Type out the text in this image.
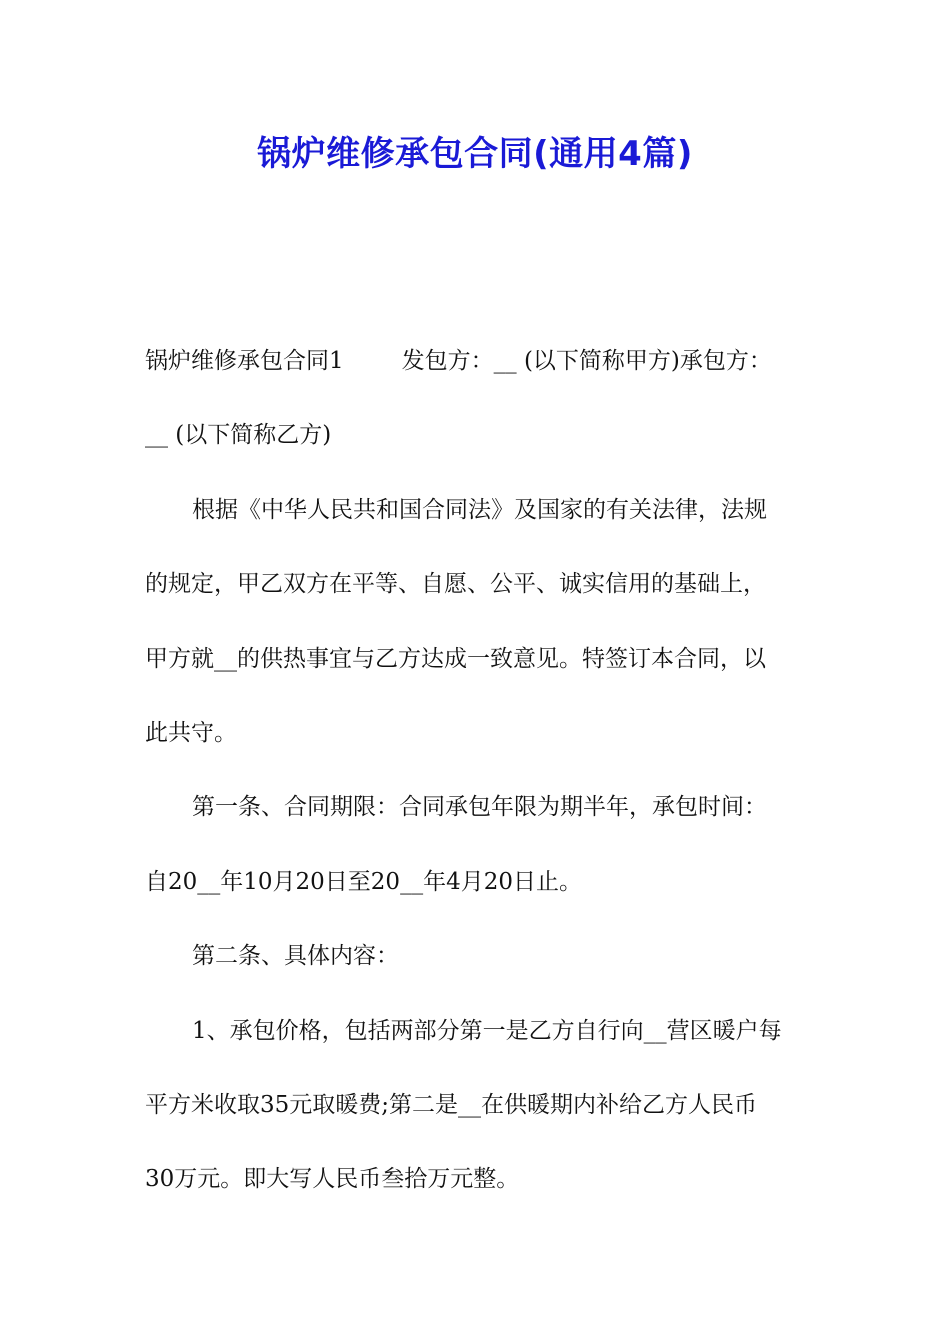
锅炉维修承包合同(通用4篇)
锅炉维修承包合同1	发包方：__ (以下简称甲方)承包方：
__ (以下简称乙方)
根据《中华人民共和国合同法》及国家的有关法律，法规
的规定，甲乙双方在平等、自愿、公平、诚实信用的基础上，
甲方就__的供热事宜与乙方达成一致意见。特签订本合同，以
此共守。
第一条、合同期限：合同承包年限为期半年，承包时间：
自20__年10月20日至20__年4月20日止。
第二条、具体内容：
1、承包价格，包括两部分第一是乙方自行向__营区暖户每
平方米收取35元取暖费;第二是__在供暖期内补给乙方人民币
30万元。即大写人民币叁拾万元整。
